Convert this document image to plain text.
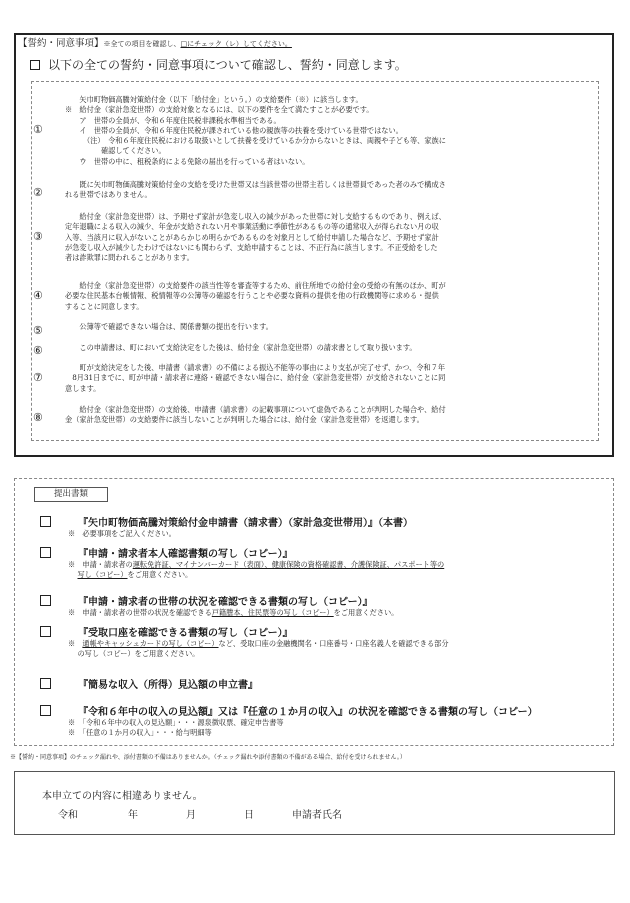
【誓約・同意事項】※全ての項目を確認し、□にチェック（レ）してください。
以下の全ての誓約・同意事項について確認し、誓約・同意します。
①
　　矢巾町物価高騰対策給付金（以下「給付金」という。）の支給要件（※）に該当します。
※　給付金（家計急変世帯）の支給対象となるには、以下の要件を全て満たすことが必要です。
　　ア　世帯の全員が、令和６年度住民税非課税水準相当である。
　　イ　世帯の全員が、令和６年度住民税が課されている他の親族等の扶養を受けている世帯ではない。
　　　（注）　令和６年度住民税における取扱いとして扶養を受けているか分からないときは、両親や子ども等、家族に
　　　　　確認してください。
　　ウ　世帯の中に、租税条約による免除の届出を行っている者はいない。
②
　　既に矢巾町物価高騰対策給付金の支給を受けた世帯又は当該世帯の世帯主若しくは世帯員であった者のみで構成さ
れる世帯ではありません。
③
　　給付金（家計急変世帯）は、予期せず家計が急変し収入の減少があった世帯に対し支給するものであり、例えば、
定年退職による収入の減少、年金が支給されない月や事業活動に季節性があるもの等の通常収入が得られない月の収
入等、当該月に収入がないことがあらかじめ明らかであるものを対象月として給付申請した場合など、予期せず家計
が急変し収入が減少したわけではないにも関わらず、支給申請することは、不正行為に該当します。不正受給をした
者は詐欺罪に問われることがあります。
④
　　給付金（家計急変世帯）の支給要件の該当性等を審査等するため、前住所地での給付金の受給の有無のほか、町が
必要な住民基本台帳情報、税情報等の公簿等の確認を行うことや必要な資料の提供を他の行政機関等に求める・提供
することに同意します。
⑤	　　公簿等で確認できない場合は、関係書類の提出を行います。
⑥	　　この申請書は、町において支給決定をした後は、給付金（家計急変世帯）の請求書として取り扱います。
⑦
　　町が支給決定をした後、申請書（請求書）の不備による振込不能等の事由により支払が完了せず、かつ、令和７年
　8月31日までに、町が申請・請求者に連絡・確認できない場合に、給付金（家計急変世帯）が支給されないことに同
意します。
⑧
　　給付金（家計急変世帯）の支給後、申請書（請求書）の記載事項について虚偽であることが判明した場合や、給付
金（家計急変世帯）の支給要件に該当しないことが判明した場合には、給付金（家計急変世帯）を返還します。
提出書類
『矢巾町物価高騰対策給付金申請書（請求書）（家計急変世帯用）』（本書）
※　必要事項をご記入ください。
『申請・請求者本人確認書類の写し（コピー）』
※　申請・請求者の運転免許証、マイナンバーカード（表面）、健康保険の資格確認書、介護保険証、パスポート等の
　 写し（コピー）をご用意ください。
『申請・請求者の世帯の状況を確認できる書類の写し（コピー）』
※　申請・請求者の世帯の状況を確認できる戸籍謄本、住民票等の写し（コピー）をご用意ください。
『受取口座を確認できる書類の写し（コピー）』
※　通帳やキャッシュカードの写し（コピー）など、受取口座の金融機関名・口座番号・口座名義人を確認できる部分
　 の写し（コピー）をご用意ください。
『簡易な収入（所得）見込額の申立書』
『令和６年中の収入の見込額』又は『任意の１か月の収入』の状況を確認できる書類の写し（コピー）
※　「令和６年中の収入の見込額」・・・源泉徴収票、確定申告書等
※　「任意の１か月の収入」・・・給与明細等
※【誓約・同意事項】のチェック漏れや、添付書類の不備はありませんか。（チェック漏れや添付書類の不備がある場合、給付を受けられません。）
本申立ての内容に相違ありません。
令和	年	月	日	申請者氏名
